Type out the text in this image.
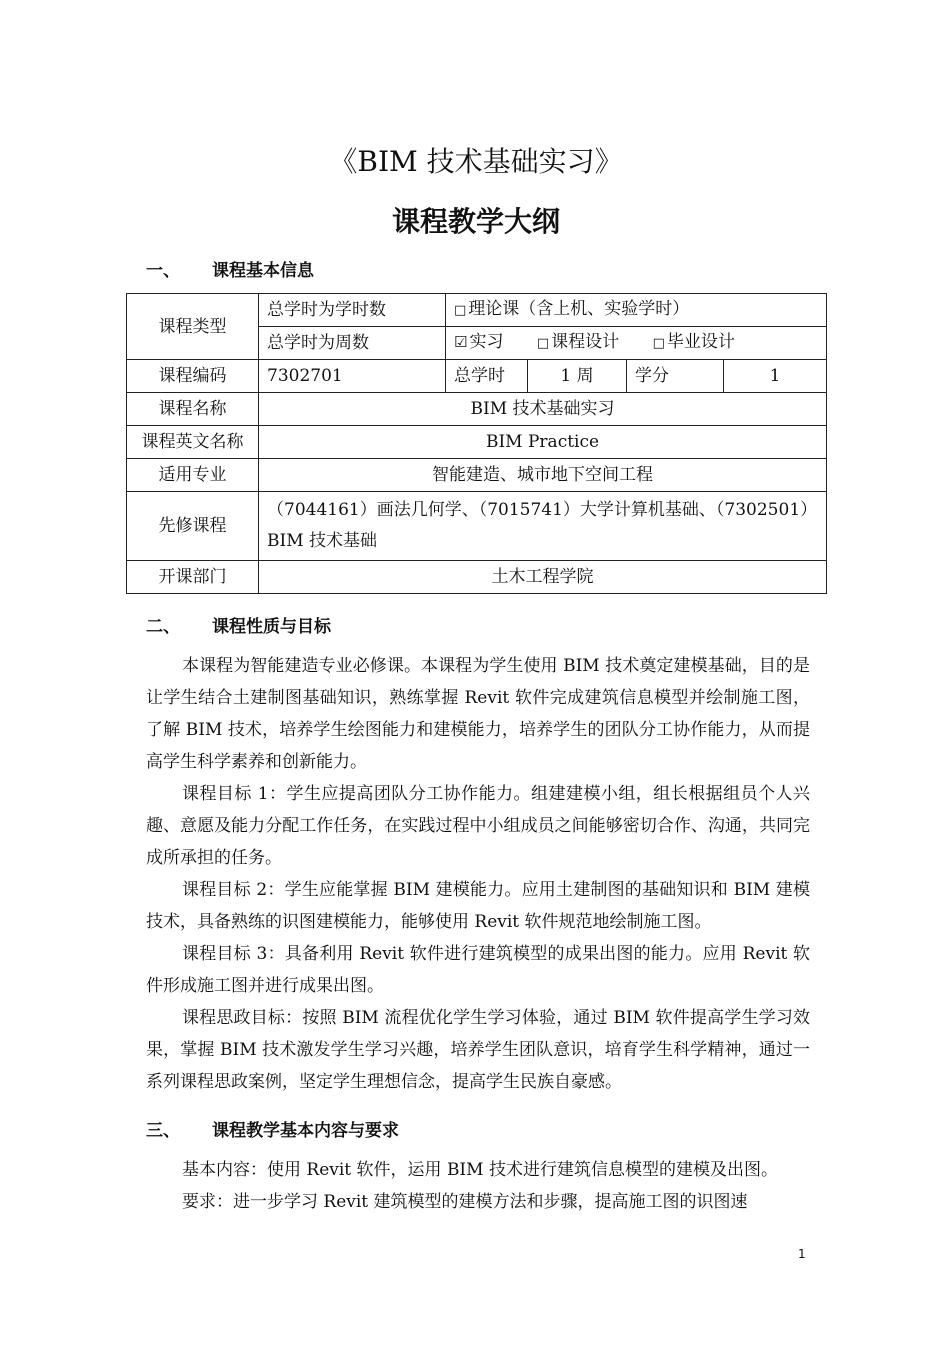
《BIM 技术基础实习》
课程教学大纲
一、 课程基本信息
课程类型	总学时为学时数	□ 理论课（含上机、实验学时）			
	总学时为周数	☑ 实习 □ 课程设计 □ 毕业设计			
课程编码	7302701	总学时	1 周	学分	1
课程名称	BIM 技术基础实习				
课程英文名称	BIM Practice				
适用专业	智能建造、城市地下空间工程				
先修课程	（7044161）画法几何学、（7015741）大学计算机基础、（7302501）BIM 技术基础				
开课部门	土木工程学院				
二、 课程性质与目标

本课程为智能建造专业必修课。本课程为学生使用 BIM 技术奠定建模基础，目的是让学生结合土建制图基础知识，熟练掌握 Revit 软件完成建筑信息模型并绘制施工图，了解 BIM 技术，培养学生绘图能力和建模能力，培养学生的团队分工协作能力，从而提高学生科学素养和创新能力。

课程目标 1：学生应提高团队分工协作能力。组建建模小组，组长根据组员个人兴趣、意愿及能力分配工作任务，在实践过程中小组成员之间能够密切合作、沟通，共同完成所承担的任务。

课程目标 2：学生应能掌握 BIM 建模能力。应用土建制图的基础知识和 BIM 建模技术，具备熟练的识图建模能力，能够使用 Revit 软件规范地绘制施工图。

课程目标 3：具备利用 Revit 软件进行建筑模型的成果出图的能力。应用 Revit 软件形成施工图并进行成果出图。

课程思政目标：按照 BIM 流程优化学生学习体验，通过 BIM 软件提高学生学习效果，掌握 BIM 技术激发学生学习兴趣，培养学生团队意识，培育学生科学精神，通过一系列课程思政案例，坚定学生理想信念，提高学生民族自豪感。

三、 课程教学基本内容与要求

基本内容：使用 Revit 软件，运用 BIM 技术进行建筑信息模型的建模及出图。

要求：进一步学习 Revit 建筑模型的建模方法和步骤，提高施工图的识图速

1
